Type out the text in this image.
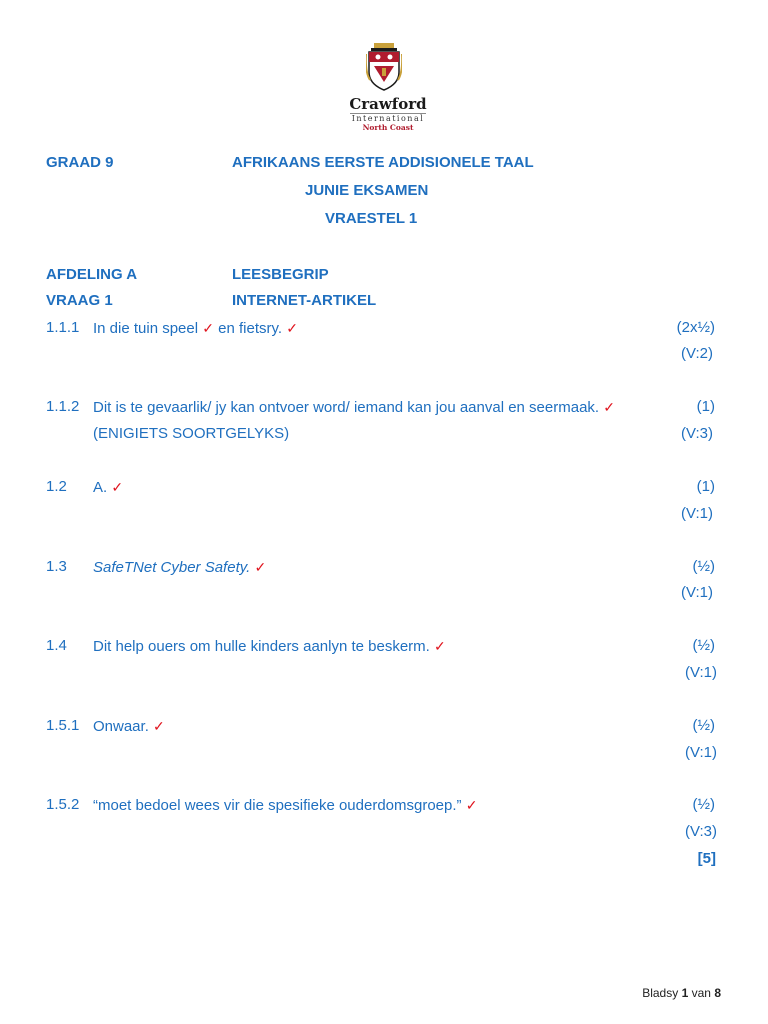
Crawford
International
North Coast
GRAAD 9	AFRIKAANS EERSTE ADDISIONELE TAAL
JUNIE EKSAMEN
VRAESTEL 1
AFDELING A	LEESBEGRIP
VRAAG 1	INTERNET-ARTIKEL
1.1.1 In die tuin speel ✓ en fietsry. ✓	(2x½)
(V:2)
1.1.2 Dit is te gevaarlik/ jy kan ontvoer word/ iemand kan jou aanval en seermaak. ✓
(ENIGIETS SOORTGELYKS)
(1)
(V:3)
1.2 A. ✓	(1)
(V:1)
1.3 SafeTNet Cyber Safety. ✓	(½)
(V:1)
1.4 Dit help ouers om hulle kinders aanlyn te beskerm. ✓	(½)
(V:1)
1.5.1 Onwaar. ✓	(½)
(V:1)
1.5.2 “moet bedoel wees vir die spesifieke ouderdomsgroep.” ✓	(½)
(V:3)
[5]
Bladsy 1 van 8
